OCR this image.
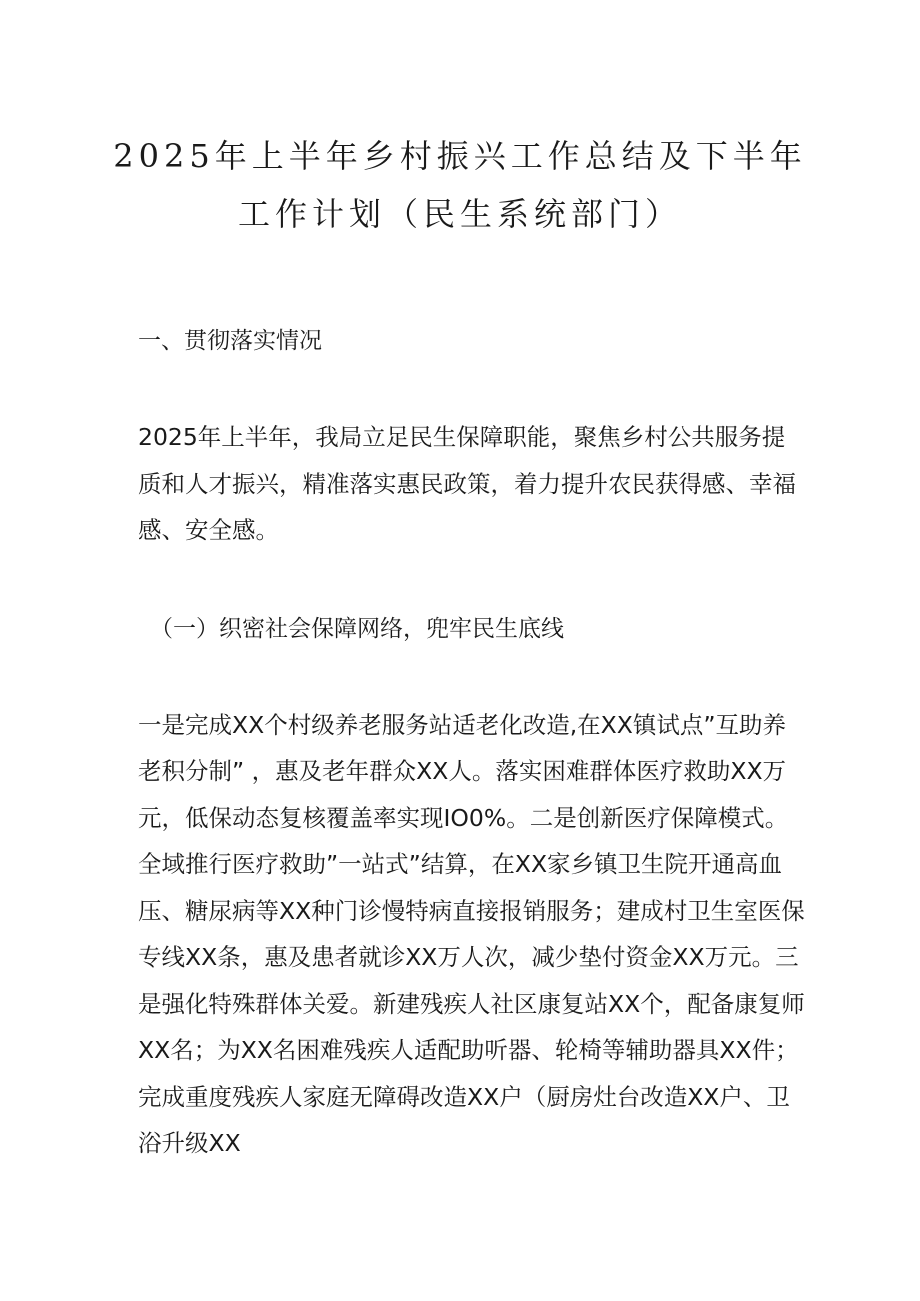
2025年上半年乡村振兴工作总结及下半年
工作计划（民生系统部门）
一、贯彻落实情况
2025年上半年，我局立足民生保障职能，聚焦乡村公共服务提
质和人才振兴，精准落实惠民政策，着力提升农民获得感、幸福
感、安全感。
（一）织密社会保障网络，兜牢民生底线
一是完成XX个村级养老服务站适老化改造,在XX镇试点”互助养
老积分制” ，惠及老年群众XX人。落实困难群体医疗救助XX万
元，低保动态复核覆盖率实现IO0%。二是创新医疗保障模式。
全域推行医疗救助”一站式”结算，在XX家乡镇卫生院开通高血
压、糖尿病等XX种门诊慢特病直接报销服务；建成村卫生室医保
专线XX条，惠及患者就诊XX万人次，减少垫付资金XX万元。三
是强化特殊群体关爱。新建残疾人社区康复站XX个，配备康复师
XX名；为XX名困难残疾人适配助听器、轮椅等辅助器具XX件；
完成重度残疾人家庭无障碍改造XX户（厨房灶台改造XX户、卫
浴升级XX
